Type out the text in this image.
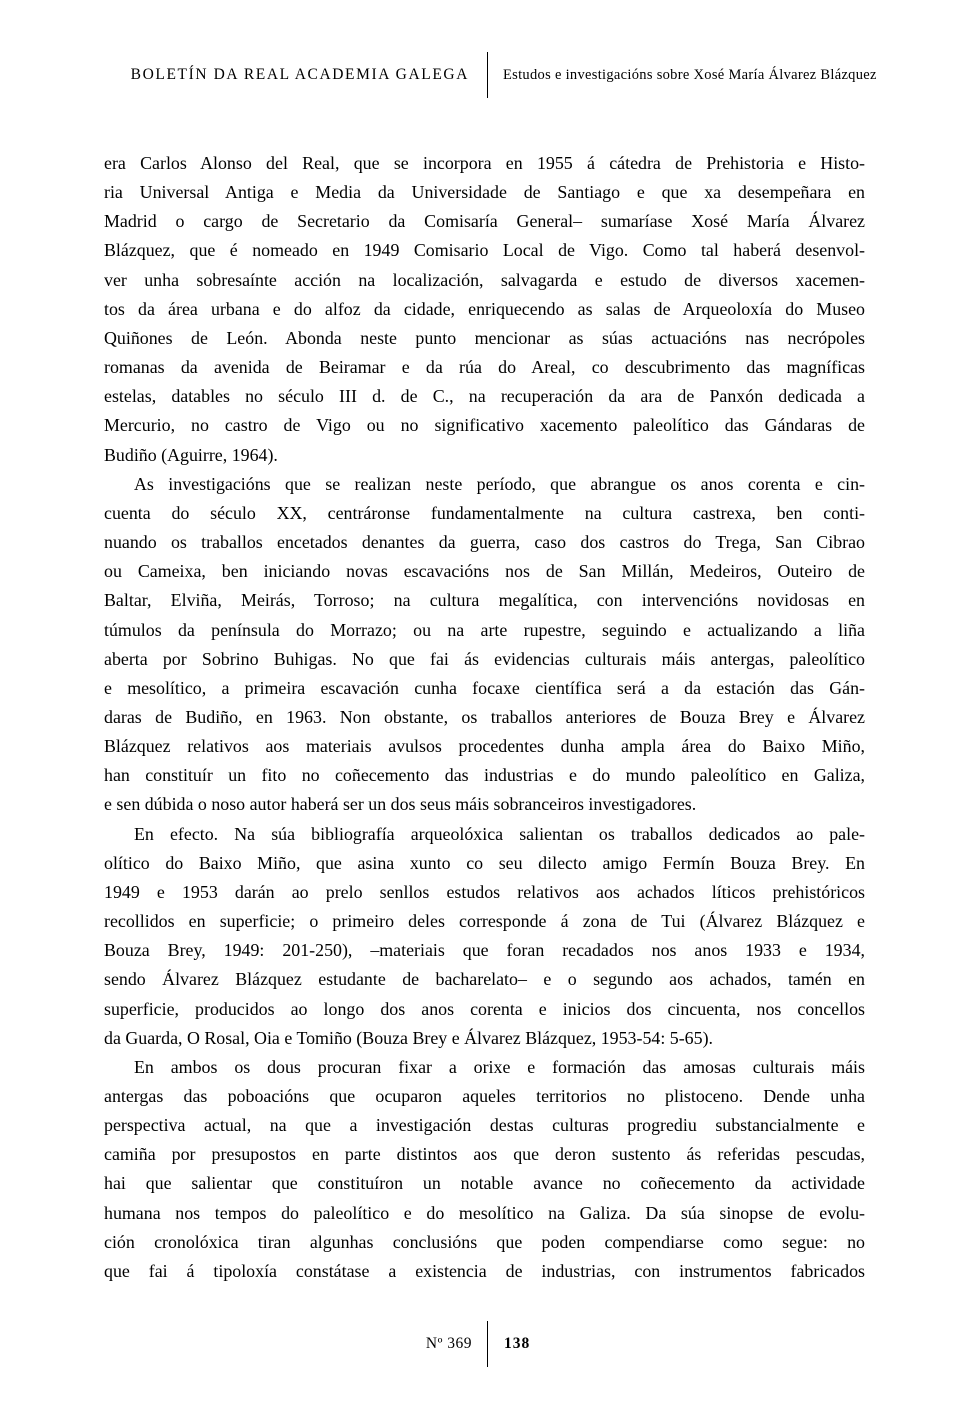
BOLETÍN DA REAL ACADEMIA GALEGA	Estudos e investigacións sobre Xosé María Álvarez Blázquez
era Carlos Alonso del Real, que se incorpora en 1955 á cátedra de Prehistoria e Histo-
ria Universal Antiga e Media da Universidade de Santiago e que xa desempeñara en
Madrid o cargo de Secretario da Comisaría General– sumaríase Xosé María Álvarez
Blázquez, que é nomeado en 1949 Comisario Local de Vigo. Como tal haberá desenvol-
ver unha sobresaínte acción na localización, salvagarda e estudo de diversos xacemen-
tos da área urbana e do alfoz da cidade, enriquecendo as salas de Arqueoloxía do Museo
Quiñones de León. Abonda neste punto mencionar as súas actuacións nas necrópoles
romanas da avenida de Beiramar e da rúa do Areal, co descubrimento das magníficas
estelas, datables no século III d. de C., na recuperación da ara de Panxón dedicada a
Mercurio, no castro de Vigo ou no significativo xacemento paleolítico das Gándaras de
Budiño (Aguirre, 1964).
As investigacións que se realizan neste período, que abrangue os anos corenta e cin-
cuenta do século XX, centráronse fundamentalmente na cultura castrexa, ben conti-
nuando os traballos encetados denantes da guerra, caso dos castros do Trega, San Cibrao
ou Cameixa, ben iniciando novas escavacións nos de San Millán, Medeiros, Outeiro de
Baltar, Elviña, Meirás, Torroso; na cultura megalítica, con intervencións novidosas en
túmulos da península do Morrazo; ou na arte rupestre, seguindo e actualizando a liña
aberta por Sobrino Buhigas. No que fai ás evidencias culturais máis antergas, paleolítico
e mesolítico, a primeira escavación cunha focaxe científica será a da estación das Gán-
daras de Budiño, en 1963. Non obstante, os traballos anteriores de Bouza Brey e Álvarez
Blázquez relativos aos materiais avulsos procedentes dunha ampla área do Baixo Miño,
han constituír un fito no coñecemento das industrias e do mundo paleolítico en Galiza,
e sen dúbida o noso autor haberá ser un dos seus máis sobranceiros investigadores.
En efecto. Na súa bibliografía arqueolóxica salientan os traballos dedicados ao pale-
olítico do Baixo Miño, que asina xunto co seu dilecto amigo Fermín Bouza Brey. En
1949 e 1953 darán ao prelo senllos estudos relativos aos achados líticos prehistóricos
recollidos en superficie; o primeiro deles corresponde á zona de Tui (Álvarez Blázquez e
Bouza Brey, 1949: 201-250), –materiais que foran recadados nos anos 1933 e 1934,
sendo Álvarez Blázquez estudante de bacharelato– e o segundo aos achados, tamén en
superficie, producidos ao longo dos anos corenta e inicios dos cincuenta, nos concellos
da Guarda, O Rosal, Oia e Tomiño (Bouza Brey e Álvarez Blázquez, 1953-54: 5-65).
En ambos os dous procuran fixar a orixe e formación das amosas culturais máis
antergas das poboacións que ocuparon aqueles territorios no plistoceno. Dende unha
perspectiva actual, na que a investigación destas culturas progrediu substancialmente e
camiña por presupostos en parte distintos aos que deron sustento ás referidas pescudas,
hai que salientar que constituíron un notable avance no coñecemento da actividade
humana nos tempos do paleolítico e do mesolítico na Galiza. Da súa sinopse de evolu-
ción cronolóxica tiran algunhas conclusións que poden compendiarse como segue: no
que fai á tipoloxía constátase a existencia de industrias, con instrumentos fabricados
Nº 369	138
